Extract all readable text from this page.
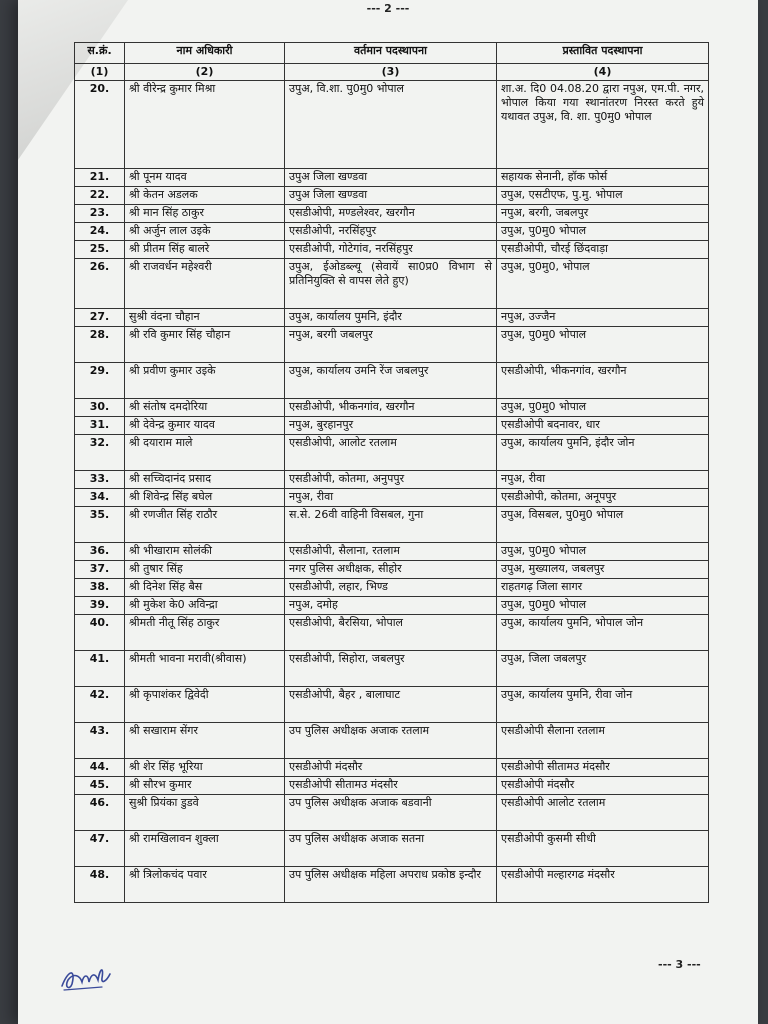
--- 2 ---
स.क्रं.	नाम अधिकारी	वर्तमान पदस्थापना	प्रस्तावित पदस्थापना
(1)	(2)	(3)	(4)
20.	श्री वीरेन्द्र कुमार मिश्रा	उपुअ, वि.शा. पु0मु0 भोपाल	शा.अ. दि0 04.08.20 द्वारा नपुअ, एम.पी. नगर, भोपाल किया गया स्थानांतरण निरस्त करते हुये यथावत उपुअ, वि. शा. पु0मु0 भोपाल
21.	श्री पूनम यादव	उपुअ जिला खण्डवा	सहायक सेनानी, हॉक फोर्स
22.	श्री केतन अडलक	उपुअ जिला खण्डवा	उपुअ, एसटीएफ, पु.मु. भोपाल
23.	श्री मान सिंह ठाकुर	एसडीओपी, मण्डलेश्वर, खरगौन	नपुअ, बरगी, जबलपुर
24.	श्री अर्जुन लाल उइके	एसडीओपी, नरसिंहपुर	उपुअ, पु0मु0 भोपाल
25.	श्री प्रीतम सिंह बालरे	एसडीओपी, गोटेगांव, नरसिंहपुर	एसडीओपी, चौरई छिंदवाड़ा
26.	श्री राजवर्धन महेश्वरी	उपुअ, ईओडब्ल्यू (सेवायें सा0प्र0 विभाग से प्रतिनियुक्ति से वापस लेते हुए)	उपुअ, पु0मु0, भोपाल
27.	सुश्री वंदना चौहान	उपुअ, कार्यालय पुमनि, इंदौर	नपुअ, उज्जैन
28.	श्री रवि कुमार सिंह चौहान	नपुअ, बरगी जबलपुर	उपुअ, पु0मु0 भोपाल
29.	श्री प्रवीण कुमार उइके	उपुअ, कार्यालय उमनि रेंज जबलपुर	एसडीओपी, भीकनगांव, खरगौन
30.	श्री संतोष दमदोरिया	एसडीओपी, भीकनगांव, खरगौन	उपुअ, पु0मु0 भोपाल
31.	श्री देवेन्द्र कुमार यादव	नपुअ, बुरहानपुर	एसडीओपी बदनावर, धार
32.	श्री दयाराम माले	एसडीओपी, आलोट रतलाम	उपुअ, कार्यालय पुमनि, इंदौर जोन
33.	श्री सच्चिदानंद प्रसाद	एसडीओपी, कोतमा, अनुपपुर	नपुअ, रीवा
34.	श्री शिवेन्द्र सिंह बघेल	नपुअ, रीवा	एसडीओपी, कोतमा, अनूपपुर
35.	श्री रणजीत सिंह राठौर	स.से. 26वी वाहिनी विसबल, गुना	उपुअ, विसबल, पु0मु0 भोपाल
36.	श्री भीखाराम सोलंकी	एसडीओपी, सैलाना, रतलाम	उपुअ, पु0मु0 भोपाल
37.	श्री तुषार सिंह	नगर पुलिस अधीक्षक, सीहोर	उपुअ, मुख्यालय, जबलपुर
38.	श्री दिनेश सिंह बैस	एसडीओपी, लहार, भिण्ड	राहतगढ़ जिला सागर
39.	श्री मुकेश के0 अविन्द्रा	नपुअ, दमोह	उपुअ, पु0मु0 भोपाल
40.	श्रीमती नीतू सिंह ठाकुर	एसडीओपी, बैरसिया, भोपाल	उपुअ, कार्यालय पुमनि, भोपाल जोन
41.	श्रीमती भावना मरावी(श्रीवास)	एसडीओपी, सिहोरा, जबलपुर	उपुअ, जिला जबलपुर
42.	श्री कृपाशंकर द्विवेदी	एसडीओपी, बैहर , बालाघाट	उपुअ, कार्यालय पुमनि, रीवा जोन
43.	श्री सखाराम सेंगर	उप पुलिस अधीक्षक अजाक रतलाम	एसडीओपी सैलाना रतलाम
44.	श्री शेर सिंह भूरिया	एसडीओपी मंदसौर	एसडीओपी सीतामउ मंदसौर
45.	श्री सौरभ कुमार	एसडीओपी सीतामउ मंदसौर	एसडीओपी मंदसौर
46.	सुश्री प्रियंका डुडवे	उप पुलिस अधीक्षक अजाक बडवानी	एसडीओपी आलोट रतलाम
47.	श्री रामखिलावन शुक्ला	उप पुलिस अधीक्षक अजाक सतना	एसडीओपी कुसमी सीधी
48.	श्री त्रिलोकचंद पवार	उप पुलिस अधीक्षक महिला अपराध प्रकोष्ठ इन्दौर	एसडीओपी मल्हारगढ मंदसौर
--- 3 ---
